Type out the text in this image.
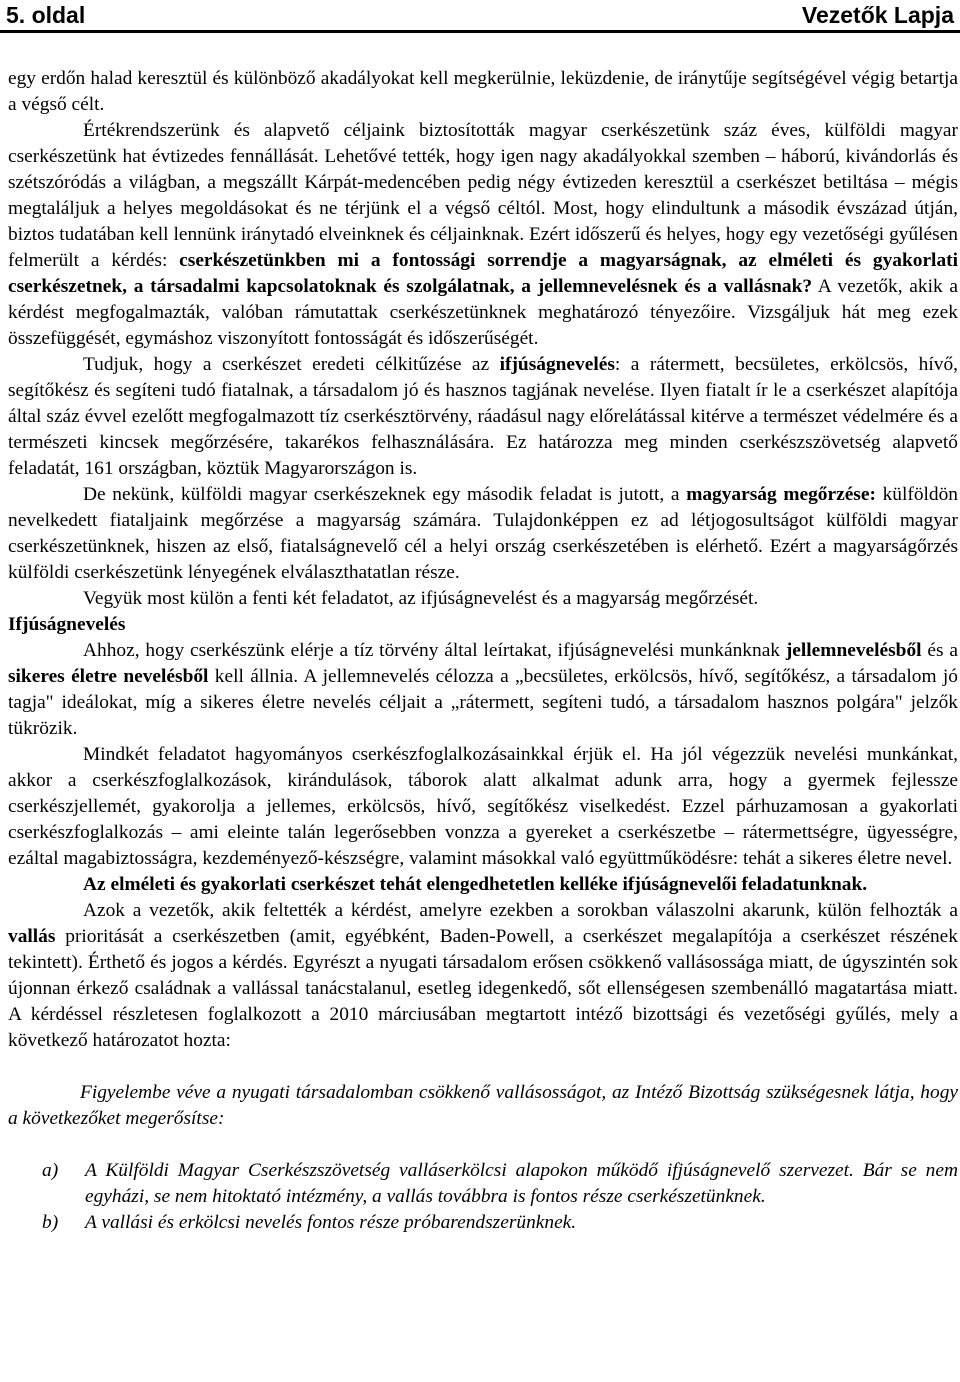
5. oldal	Vezetők Lapja

egy erdőn halad keresztül és különböző akadályokat kell megkerülnie, leküzdenie, de iránytűje segítségével végig betartja a végső célt.

Értékrendszerünk és alapvető céljaink biztosították magyar cserkészetünk száz éves, külföldi magyar cserkészetünk hat évtizedes fennállását. Lehetővé tették, hogy igen nagy akadályokkal szemben – háború, kivándorlás és szétszóródás a világban, a megszállt Kárpát-medencében pedig négy évtizeden keresztül a cserkészet betiltása – mégis megtaláljuk a helyes megoldásokat és ne térjünk el a végső céltól. Most, hogy elindultunk a második évszázad útján, biztos tudatában kell lennünk iránytadó elveinknek és céljainknak. Ezért időszerű és helyes, hogy egy vezetőségi gyűlésen felmerült a kérdés: cserkészetünkben mi a fontossági sorrendje a magyarságnak, az elméleti és gyakorlati cserkészetnek, a társadalmi kapcsolatoknak és szolgálatnak, a jellemnevelésnek és a vallásnak? A vezetők, akik a kérdést megfogalmazták, valóban rámutattak cserkészetünknek meghatározó tényezőire. Vizsgáljuk hát meg ezek összefüggését, egymáshoz viszonyított fontosságát és időszerűségét.

Tudjuk, hogy a cserkészet eredeti célkitűzése az ifjúságnevelés: a rátermett, becsületes, erkölcsös, hívő, segítőkész és segíteni tudó fiatalnak, a társadalom jó és hasznos tagjának nevelése. Ilyen fiatalt ír le a cserkészet alapítója által száz évvel ezelőtt megfogalmazott tíz cserkésztörvény, ráadásul nagy előrelátással kitérve a természet védelmére és a természeti kincsek megőrzésére, takarékos felhasználására. Ez határozza meg minden cserkészszövetség alapvető feladatát, 161 országban, köztük Magyarországon is.

De nekünk, külföldi magyar cserkészeknek egy második feladat is jutott, a magyarság megőrzése: külföldön nevelkedett fiataljaink megőrzése a magyarság számára. Tulajdonképpen ez ad létjogosultságot külföldi magyar cserkészetünknek, hiszen az első, fiatalságnevelő cél a helyi ország cserkészetében is elérhető. Ezért a magyarságőrzés külföldi cserkészetünk lényegének elválaszthatatlan része.

Vegyük most külön a fenti két feladatot, az ifjúságnevelést és a magyarság megőrzését.

Ifjúságnevelés

Ahhoz, hogy cserkészünk elérje a tíz törvény által leírtakat, ifjúságnevelési munkánknak jellemnevelésből és a sikeres életre nevelésből kell állnia. A jellemnevelés célozza a „becsületes, erkölcsös, hívő, segítőkész, a társadalom jó tagja" ideálokat, míg a sikeres életre nevelés céljait a „rátermett, segíteni tudó, a társadalom hasznos polgára" jelzők tükrözik.

Mindkét feladatot hagyományos cserkészfoglalkozásainkkal érjük el. Ha jól végezzük nevelési munkánkat, akkor a cserkészfoglalkozások, kirándulások, táborok alatt alkalmat adunk arra, hogy a gyermek fejlessze cserkészjellemét, gyakorolja a jellemes, erkölcsös, hívő, segítőkész viselkedést. Ezzel párhuzamosan a gyakorlati cserkészfoglalkozás – ami eleinte talán legerősebben vonzza a gyereket a cserkészetbe – rátermettségre, ügyességre, ezáltal magabiztosságra, kezdeményező-készségre, valamint másokkal való együttműködésre: tehát a sikeres életre nevel.

Az elméleti és gyakorlati cserkészet tehát elengedhetetlen kelléke ifjúságnevelői feladatunknak.

Azok a vezetők, akik feltették a kérdést, amelyre ezekben a sorokban válaszolni akarunk, külön felhozták a vallás prioritását a cserkészetben (amit, egyébként, Baden-Powell, a cserkészet megalapítója a cserkészet részének tekintett). Érthető és jogos a kérdés. Egyrészt a nyugati társadalom erősen csökkenő vallásossága miatt, de úgyszintén sok újonnan érkező családnak a vallással tanácstalanul, esetleg idegenkedő, sőt ellenségesen szembenálló magatartása miatt. A kérdéssel részletesen foglalkozott a 2010 márciusában megtartott intéző bizottsági és vezetőségi gyűlés, mely a következő határozatot hozta:

Figyelembe véve a nyugati társadalomban csökkenő vallásosságot, az Intéző Bizottság szükségesnek látja, hogy a következőket megerősítse:

a) A Külföldi Magyar Cserkészszövetség valláserkölcsi alapokon működő ifjúságnevelő szervezet. Bár se nem egyházi, se nem hitoktató intézmény, a vallás továbbra is fontos része cserkészetünknek.
b) A vallási és erkölcsi nevelés fontos része próbarendszerünknek.
